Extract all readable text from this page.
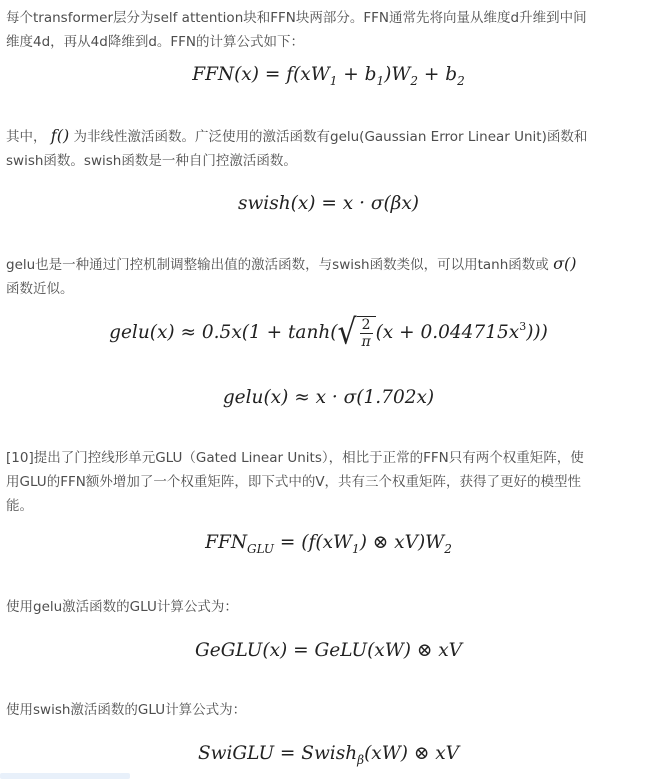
每个transformer层分为self attention块和FFN块两部分。FFN通常先将向量从维度d升维到中间
维度4d，再从4d降维到d。FFN的计算公式如下：

$FFN(x) = f(xW_1 + b_1)W_2 + b_2$

其中， f() 为非线性激活函数。广泛使用的激活函数有gelu(Gaussian Error Linear Unit)函数和
swish函数。swish函数是一种自门控激活函数。

swish(x) = x · σ(βx)

gelu也是一种通过门控机制调整输出值的激活函数，与swish函数类似，可以用tanh函数或 σ()
函数近似。

gelu(x) ≈ 0.5x(1 + tanh( √ $\frac{2}{\pi} (x + 0.044715x^3)$))

gelu(x) ≈ x · σ(1.702x)

[10]提出了门控线形单元GLU（Gated Linear Units），相比于正常的FFN只有两个权重矩阵，使
用GLU的FFN额外增加了一个权重矩阵，即下式中的V，共有三个权重矩阵，获得了更好的模型性
能。

$FFN_{GLU} = (f(xW_1)$ ⊗ $xV)W_2$

使用gelu激活函数的GLU计算公式为：

GeGLU(x) = GeLU(xW) ⊗ xV

使用swish激活函数的GLU计算公式为：

SwiGLU = Swish$_\beta$(xW) ⊗ xV
